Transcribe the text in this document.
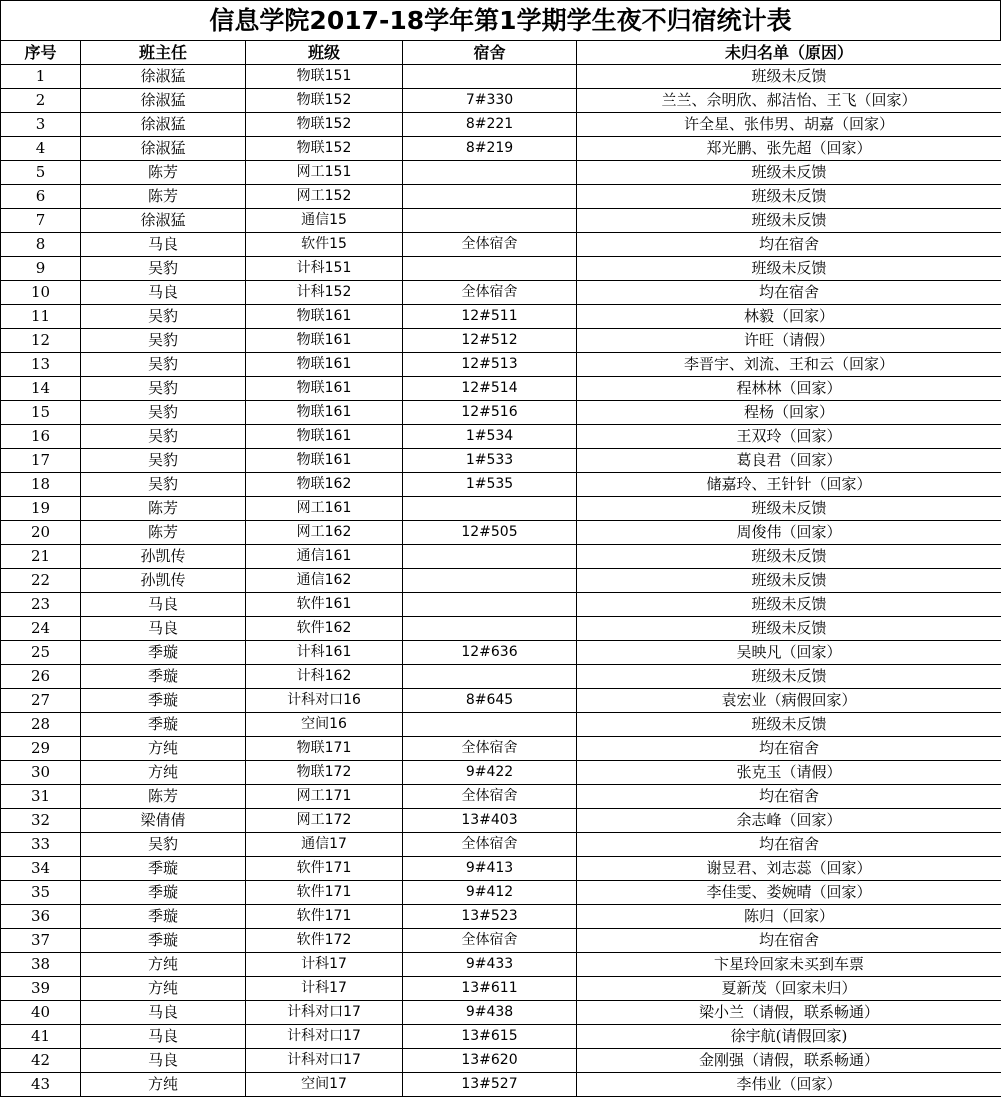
信息学院2017-18学年第1学期学生夜不归宿统计表
序号	班主任	班级	宿舍	未归名单（原因）
1	徐淑猛	物联151		班级未反馈
2	徐淑猛	物联152	7#330	兰兰、佘明欣、郝洁怡、王飞（回家）
3	徐淑猛	物联152	8#221	许全星、张伟男、胡嘉（回家）
4	徐淑猛	物联152	8#219	郑光鹏、张先超（回家）
5	陈芳	网工151		班级未反馈
6	陈芳	网工152		班级未反馈
7	徐淑猛	通信15		班级未反馈
8	马良	软件15	全体宿舍	均在宿舍
9	吴豹	计科151		班级未反馈
10	马良	计科152	全体宿舍	均在宿舍
11	吴豹	物联161	12#511	林毅（回家）
12	吴豹	物联161	12#512	许旺（请假）
13	吴豹	物联161	12#513	李晋宇、刘流、王和云（回家）
14	吴豹	物联161	12#514	程林林（回家）
15	吴豹	物联161	12#516	程杨（回家）
16	吴豹	物联161	1#534	王双玲（回家）
17	吴豹	物联161	1#533	葛良君（回家）
18	吴豹	物联162	1#535	储嘉玲、王针针（回家）
19	陈芳	网工161		班级未反馈
20	陈芳	网工162	12#505	周俊伟（回家）
21	孙凯传	通信161		班级未反馈
22	孙凯传	通信162		班级未反馈
23	马良	软件161		班级未反馈
24	马良	软件162		班级未反馈
25	季璇	计科161	12#636	吴映凡（回家）
26	季璇	计科162		班级未反馈
27	季璇	计科对口16	8#645	袁宏业（病假回家）
28	季璇	空间16		班级未反馈
29	方纯	物联171	全体宿舍	均在宿舍
30	方纯	物联172	9#422	张克玉（请假）
31	陈芳	网工171	全体宿舍	均在宿舍
32	梁倩倩	网工172	13#403	余志峰（回家）
33	吴豹	通信17	全体宿舍	均在宿舍
34	季璇	软件171	9#413	谢昱君、刘志蕊（回家）
35	季璇	软件171	9#412	李佳雯、娄婉晴（回家）
36	季璇	软件171	13#523	陈归（回家）
37	季璇	软件172	全体宿舍	均在宿舍
38	方纯	计科17	9#433	卞星玲回家未买到车票
39	方纯	计科17	13#611	夏新茂（回家未归）
40	马良	计科对口17	9#438	梁小兰（请假，联系畅通）
41	马良	计科对口17	13#615	徐宇航(请假回家)
42	马良	计科对口17	13#620	金刚强（请假，联系畅通）
43	方纯	空间17	13#527	李伟业（回家）
